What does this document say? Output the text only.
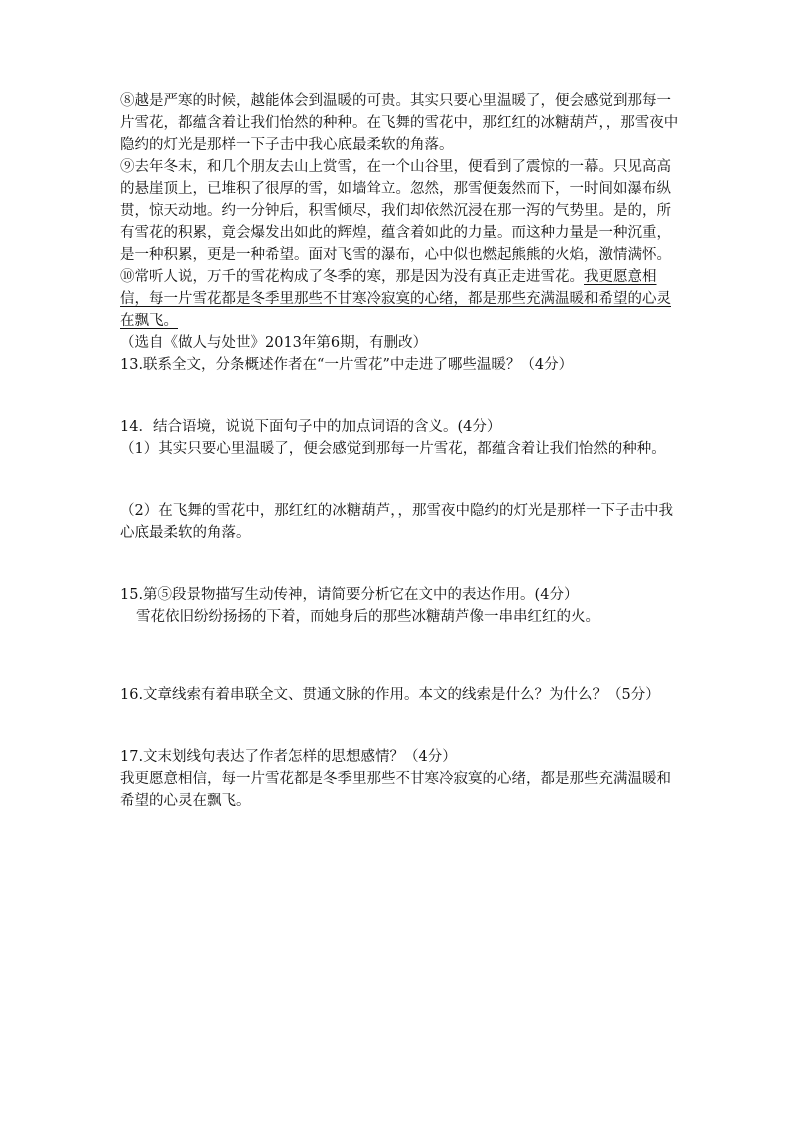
⑧越是严寒的时候，越能体会到温暖的可贵。其实只要心里温暖了，便会感觉到那每一片雪花，都蕴含着让我们怡然的种种。在飞舞的雪花中，那红红的冰糖葫芦，，那雪夜中隐约的灯光是那样一下子击中我心底最柔软的角落。

⑨去年冬末，和几个朋友去山上赏雪，在一个山谷里，便看到了震惊的一幕。只见高高的悬崖顶上，已堆积了很厚的雪，如墙耸立。忽然，那雪便轰然而下，一时间如瀑布纵贯，惊天动地。约一分钟后，积雪倾尽，我们却依然沉浸在那一泻的气势里。是的，所有雪花的积累，竟会爆发出如此的辉煌，蕴含着如此的力量。而这种力量是一种沉重，是一种积累，更是一种希望。面对飞雪的瀑布，心中似也燃起熊熊的火焰，激情满怀。

⑩常听人说，万千的雪花构成了冬季的寒，那是因为没有真正走进雪花。我更愿意相信，每一片雪花都是冬季里那些不甘寒冷寂寞的心绪，都是那些充满温暖和希望的心灵在飘飞。

（选自《做人与处世》2013年第6期，有删改）

13.联系全文，分条概述作者在“一片雪花”中走进了哪些温暖？（4分）

14．结合语境，说说下面句子中的加点词语的含义。(4分）

（1）其实只要心里温暖了，便会感觉到那每一片雪花，都蕴含着让我们怡然的种种。

（2）在飞舞的雪花中，那红红的冰糖葫芦，，那雪夜中隐约的灯光是那样一下子击中我心底最柔软的角落。

15.第⑤段景物描写生动传神，请简要分析它在文中的表达作用。(4分）

雪花依旧纷纷扬扬的下着，而她身后的那些冰糖葫芦像一串串红红的火。

16.文章线索有着串联全文、贯通文脉的作用。本文的线索是什么？为什么？（5分）

17.文末划线句表达了作者怎样的思想感情？（4分）

我更愿意相信，每一片雪花都是冬季里那些不甘寒冷寂寞的心绪，都是那些充满温暖和希望的心灵在飘飞。
